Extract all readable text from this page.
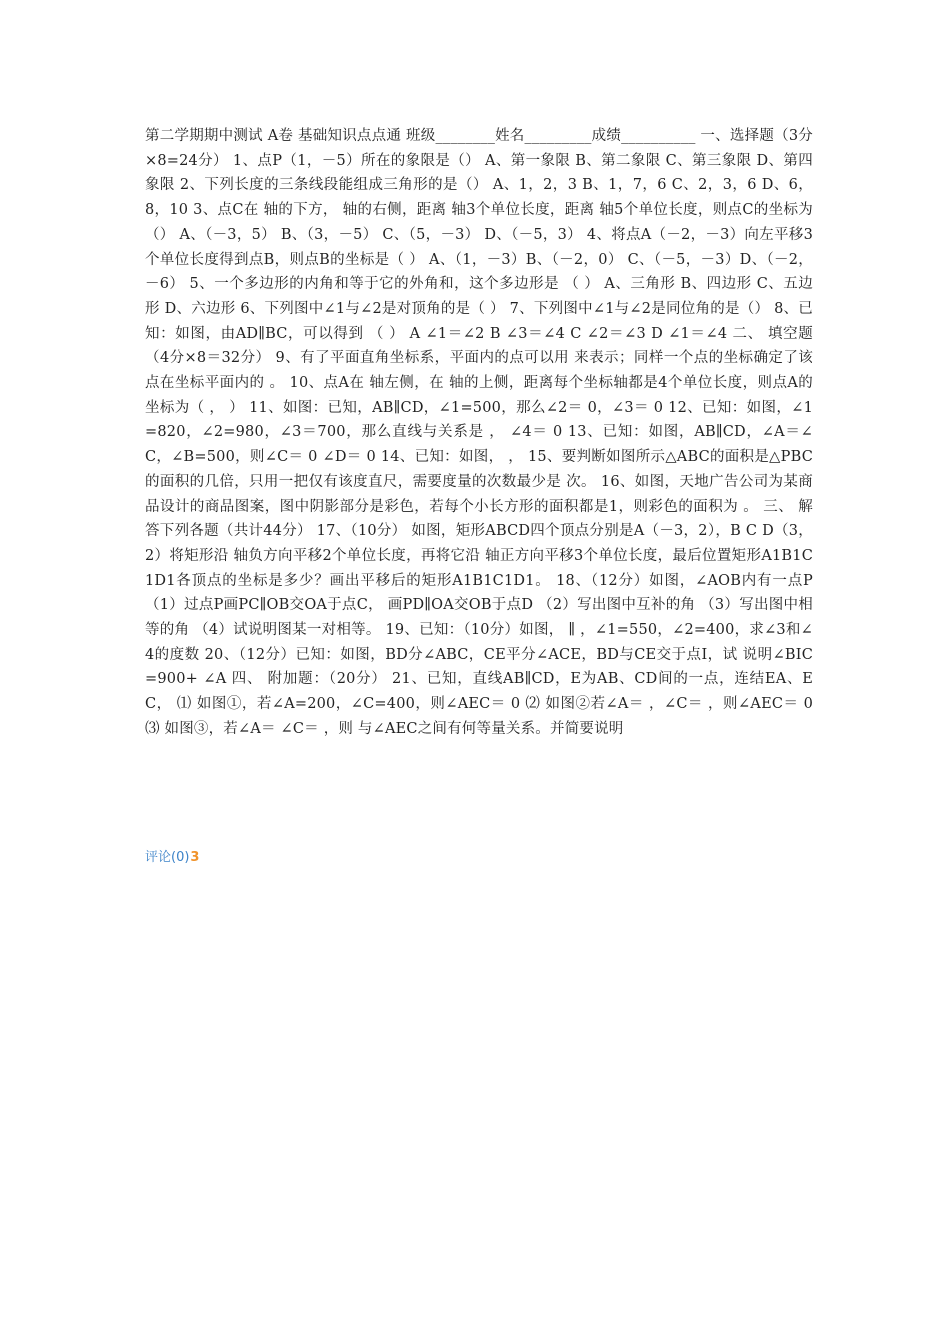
第二学期期中测试 A卷 基础知识点点通 班级________姓名_________成绩__________ 一、选择题（3分×8=24分） 1、点P（1，－5）所在的象限是（） A、第一象限 B、第二象限 C、第三象限 D、第四象限 2、下列长度的三条线段能组成三角形的是（） A、1，2，3 B、1，7，6 C、2，3，6 D、6，8，10 3、点C在 轴的下方， 轴的右侧，距离 轴3个单位长度，距离 轴5个单位长度，则点C的坐标为（） A、（－3，5） B、（3，－5） C、（5，－3） D、（－5，3） 4、将点A（－2，－3）向左平移3个单位长度得到点B，则点B的坐标是（ ） A、（1，－3）B、（－2，0） C、（－5，－3）D、（－2，－6） 5、一个多边形的内角和等于它的外角和，这个多边形是 （ ） A、三角形 B、四边形 C、五边形 D、六边形 6、下列图中∠1与∠2是对顶角的是（ ） 7、下列图中∠1与∠2是同位角的是（） 8、已知：如图，由AD∥BC，可以得到 （ ） A ∠1＝∠2 B ∠3＝∠4 C ∠2＝∠3 D ∠1＝∠4 二、 填空题（4分×8＝32分） 9、有了平面直角坐标系，平面内的点可以用 来表示；同样一个点的坐标确定了该点在坐标平面内的 。 10、点A在 轴左侧，在 轴的上侧，距离每个坐标轴都是4个单位长度，则点A的坐标为（ ， ） 11、如图：已知，AB∥CD，∠1=500，那么∠2＝ 0，∠3＝ 0 12、已知：如图，∠1=820，∠2=980，∠3＝700，那么直线与关系是 ， ∠4＝ 0 13、已知：如图，AB∥CD，∠A＝∠C，∠B=500，则∠C＝ 0 ∠D＝ 0 14、已知：如图， ， 15、要判断如图所示△ABC的面积是△PBC的面积的几倍，只用一把仅有该度直尺，需要度量的次数最少是 次。 16、如图，天地广告公司为某商品设计的商品图案，图中阴影部分是彩色，若每个小长方形的面积都是1，则彩色的面积为 。 三、 解答下列各题（共计44分） 17、（10分） 如图，矩形ABCD四个顶点分别是A（－3，2），B C D（3，2）将矩形沿 轴负方向平移2个单位长度，再将它沿 轴正方向平移3个单位长度，最后位置矩形A1B1C1D1各顶点的坐标是多少？画出平移后的矩形A1B1C1D1。 18、（12分）如图，∠AOB内有一点P （1）过点P画PC∥OB交OA于点C， 画PD∥OA交OB于点D （2）写出图中互补的角 （3）写出图中相等的角 （4）试说明图某一对相等。 19、已知：（10分）如图， ∥ ，∠1=550，∠2=400，求∠3和∠4的度数 20、（12分）已知：如图，BD分∠ABC，CE平分∠ACE，BD与CE交于点I，试 说明∠BIC=900+ ∠A 四、 附加题：（20分） 21、已知，直线AB∥CD，E为AB、CD间的一点，连结EA、EC， ⑴ 如图①，若∠A=200，∠C=400，则∠AEC＝ 0 ⑵ 如图②若∠A＝ ，∠C＝ ，则∠AEC＝ 0 ⑶ 如图③，若∠A＝ ∠C＝ ，则 与∠AEC之间有何等量关系。并简要说明

评论(0)3
